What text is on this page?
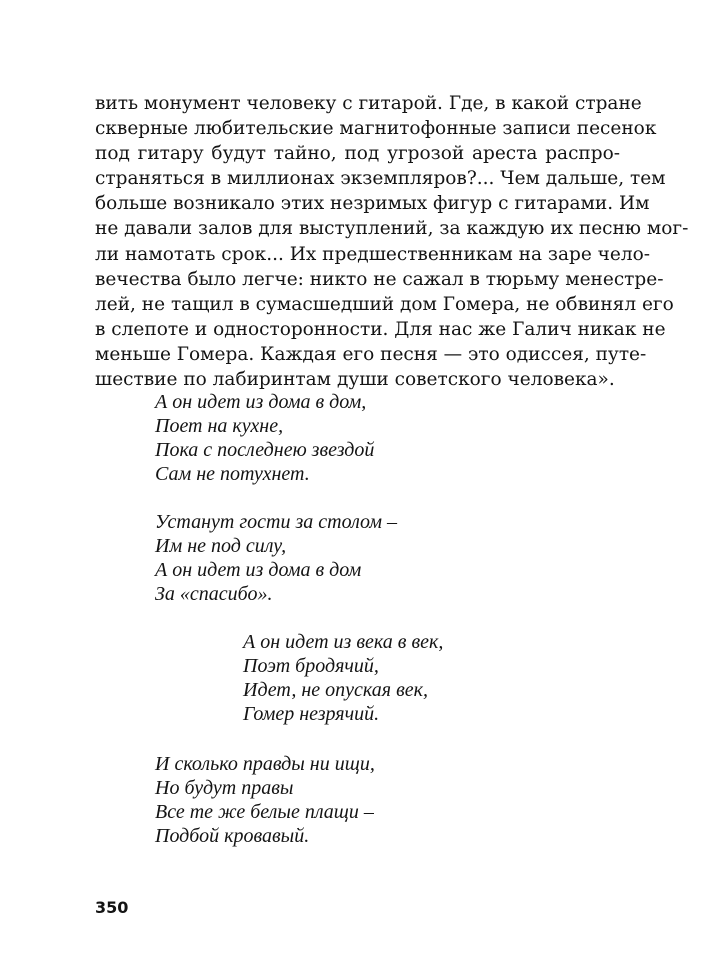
вить монумент человеку с гитарой. Где, в какой стране
скверные любительские магнитофонные записи песенок
под гитару будут тайно, под угрозой ареста распро-
страняться в миллионах экземпляров?... Чем дальше, тем
больше возникало этих незримых фигур с гитарами. Им
не давали залов для выступлений, за каждую их песню мог-
ли намотать срок... Их предшественникам на заре чело-
вечества было легче: никто не сажал в тюрьму менестре-
лей, не тащил в сумасшедший дом Гомера, не обвинял его
в слепоте и односторонности. Для нас же Галич никак не
меньше Гомера. Каждая его песня — это одиссея, путе-
шествие по лабиринтам души советского человека».
А он идет из дома в дом,
Поет на кухне,
Пока с последнею звездой
Сам не потухнет.
Устанут гости за столом –
Им не под силу,
А он идет из дома в дом
За «спасибо».
А он идет из века в век,
Поэт бродячий,
Идет, не опуская век,
Гомер незрячий.
И сколько правды ни ищи,
Но будут правы
Все те же белые плащи –
Подбой кровавый.
350
